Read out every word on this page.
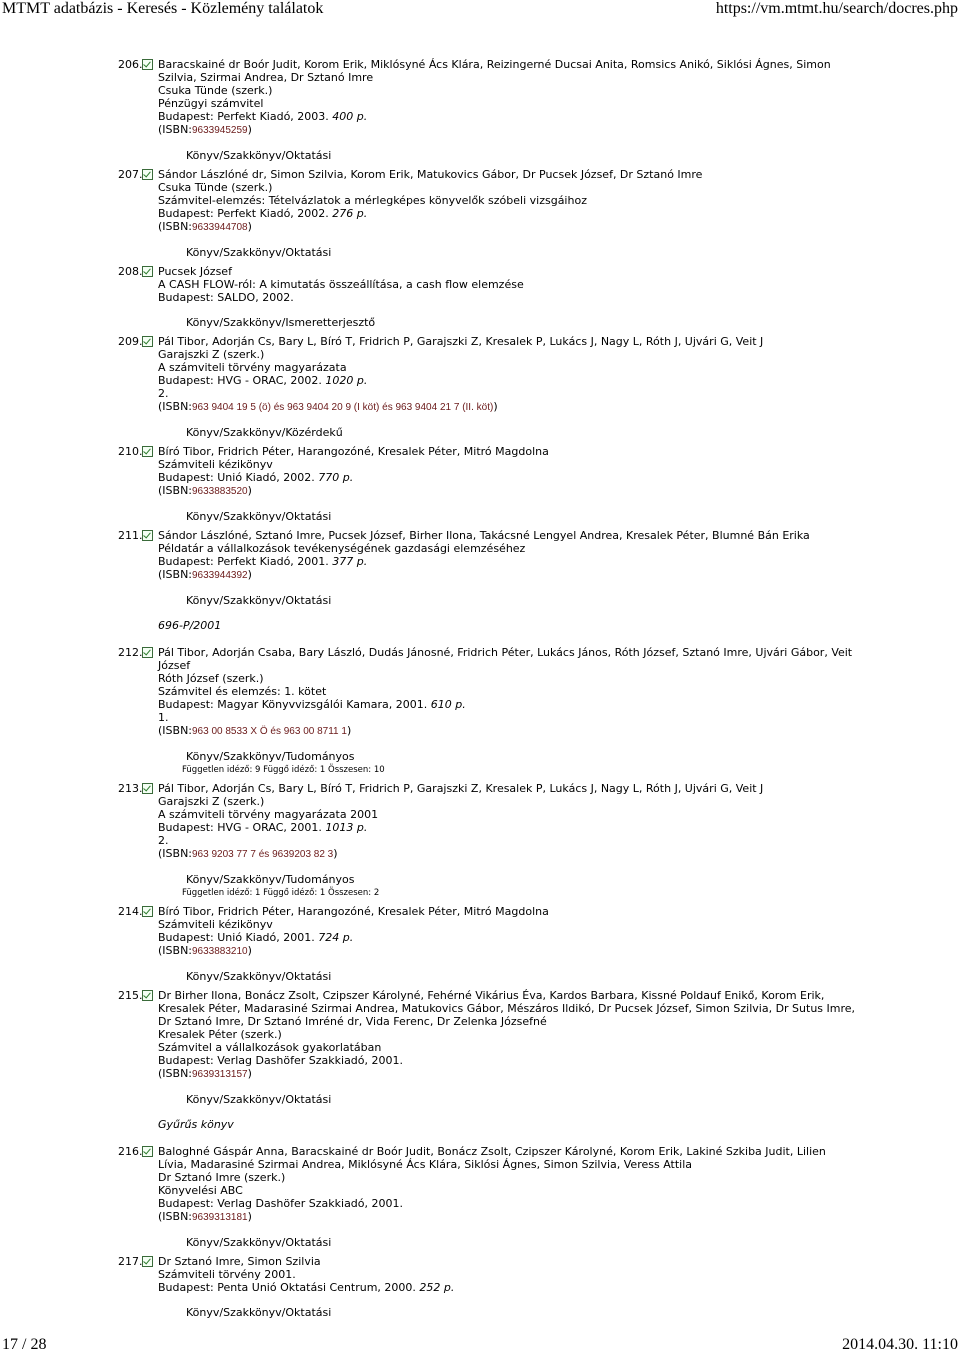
MTMT adatbázis - Keresés - Közlemény találatok	https://vm.mtmt.hu/search/docres.php
206. Baracskainé dr Boór Judit, Korom Erik, Miklósyné Ács Klára, Reizingerné Ducsai Anita, Romsics Anikó, Siklósi Ágnes, Simon Szilvia, Szirmai Andrea, Dr Sztanó Imre
Csuka Tünde (szerk.)
Pénzügyi számvitel
Budapest: Perfekt Kiadó, 2003. 400 p.
(ISBN:9633945259)
Könyv/Szakkönyv/Oktatási
207. Sándor Lászlóné dr, Simon Szilvia, Korom Erik, Matukovics Gábor, Dr Pucsek József, Dr Sztanó Imre
Csuka Tünde (szerk.)
Számvitel-elemzés: Tételvázlatok a mérlegképes könyvelők szóbeli vizsgáihoz
Budapest: Perfekt Kiadó, 2002. 276 p.
(ISBN:9633944708)
Könyv/Szakkönyv/Oktatási
208. Pucsek József
A CASH FLOW-ról: A kimutatás összeállítása, a cash flow elemzése
Budapest: SALDO, 2002.
Könyv/Szakkönyv/Ismeretterjesztő
209. Pál Tibor, Adorján Cs, Bary L, Bíró T, Fridrich P, Garajszki Z, Kresalek P, Lukács J, Nagy L, Róth J, Ujvári G, Veit J
Garajszki Z (szerk.)
A számviteli törvény magyarázata
Budapest: HVG - ORAC, 2002. 1020 p.
2.
(ISBN:963 9404 19 5 (ö) és 963 9404 20 9 (I köt) és 963 9404 21 7 (II. köt))
Könyv/Szakkönyv/Közérdekű
210. Bíró Tibor, Fridrich Péter, Harangozóné, Kresalek Péter, Mitró Magdolna
Számviteli kézikönyv
Budapest: Unió Kiadó, 2002. 770 p.
(ISBN:9633883520)
Könyv/Szakkönyv/Oktatási
211. Sándor Lászlóné, Sztanó Imre, Pucsek József, Birher Ilona, Takácsné Lengyel Andrea, Kresalek Péter, Blumné Bán Erika
Példatár a vállalkozások tevékenységének gazdasági elemzéséhez
Budapest: Perfekt Kiadó, 2001. 377 p.
(ISBN:9633944392)
Könyv/Szakkönyv/Oktatási
696-P/2001
212. Pál Tibor, Adorján Csaba, Bary László, Dudás Jánosné, Fridrich Péter, Lukács János, Róth József, Sztanó Imre, Ujvári Gábor, Veit József
Róth József (szerk.)
Számvitel és elemzés: 1. kötet
Budapest: Magyar Könyvvizsgálói Kamara, 2001. 610 p.
1.
(ISBN:963 00 8533 X Ö és 963 00 8711 1)
Könyv/Szakkönyv/Tudományos
Független idéző: 9 Függő idéző: 1 Összesen: 10
213. Pál Tibor, Adorján Cs, Bary L, Bíró T, Fridrich P, Garajszki Z, Kresalek P, Lukács J, Nagy L, Róth J, Ujvári G, Veit J
Garajszki Z (szerk.)
A számviteli törvény magyarázata 2001
Budapest: HVG - ORAC, 2001. 1013 p.
2.
(ISBN:963 9203 77 7 és 9639203 82 3)
Könyv/Szakkönyv/Tudományos
Független idéző: 1 Függő idéző: 1 Összesen: 2
214. Bíró Tibor, Fridrich Péter, Harangozóné, Kresalek Péter, Mitró Magdolna
Számviteli kézikönyv
Budapest: Unió Kiadó, 2001. 724 p.
(ISBN:9633883210)
Könyv/Szakkönyv/Oktatási
215. Dr Birher Ilona, Bonácz Zsolt, Czipszer Károlyné, Fehérné Vikárius Éva, Kardos Barbara, Kissné Poldauf Enikő, Korom Erik, Kresalek Péter, Madarasiné Szirmai Andrea, Matukovics Gábor, Mészáros Ildikó, Dr Pucsek József, Simon Szilvia, Dr Sutus Imre, Dr Sztanó Imre, Dr Sztanó Imréné dr, Vida Ferenc, Dr Zelenka Józsefné
Kresalek Péter (szerk.)
Számvitel a vállalkozások gyakorlatában
Budapest: Verlag Dashöfer Szakkiadó, 2001.
(ISBN:9639313157)
Könyv/Szakkönyv/Oktatási
Gyűrűs könyv
216. Baloghné Gáspár Anna, Baracskainé dr Boór Judit, Bonácz Zsolt, Czipszer Károlyné, Korom Erik, Lakiné Szkiba Judit, Lilien Lívia, Madarasiné Szirmai Andrea, Miklósyné Ács Klára, Siklósi Ágnes, Simon Szilvia, Veress Attila
Dr Sztanó Imre (szerk.)
Könyvelési ABC
Budapest: Verlag Dashöfer Szakkiadó, 2001.
(ISBN:9639313181)
Könyv/Szakkönyv/Oktatási
217. Dr Sztanó Imre, Simon Szilvia
Számviteli törvény 2001.
Budapest: Penta Unió Oktatási Centrum, 2000. 252 p.
Könyv/Szakkönyv/Oktatási
17 / 28	2014.04.30. 11:10
